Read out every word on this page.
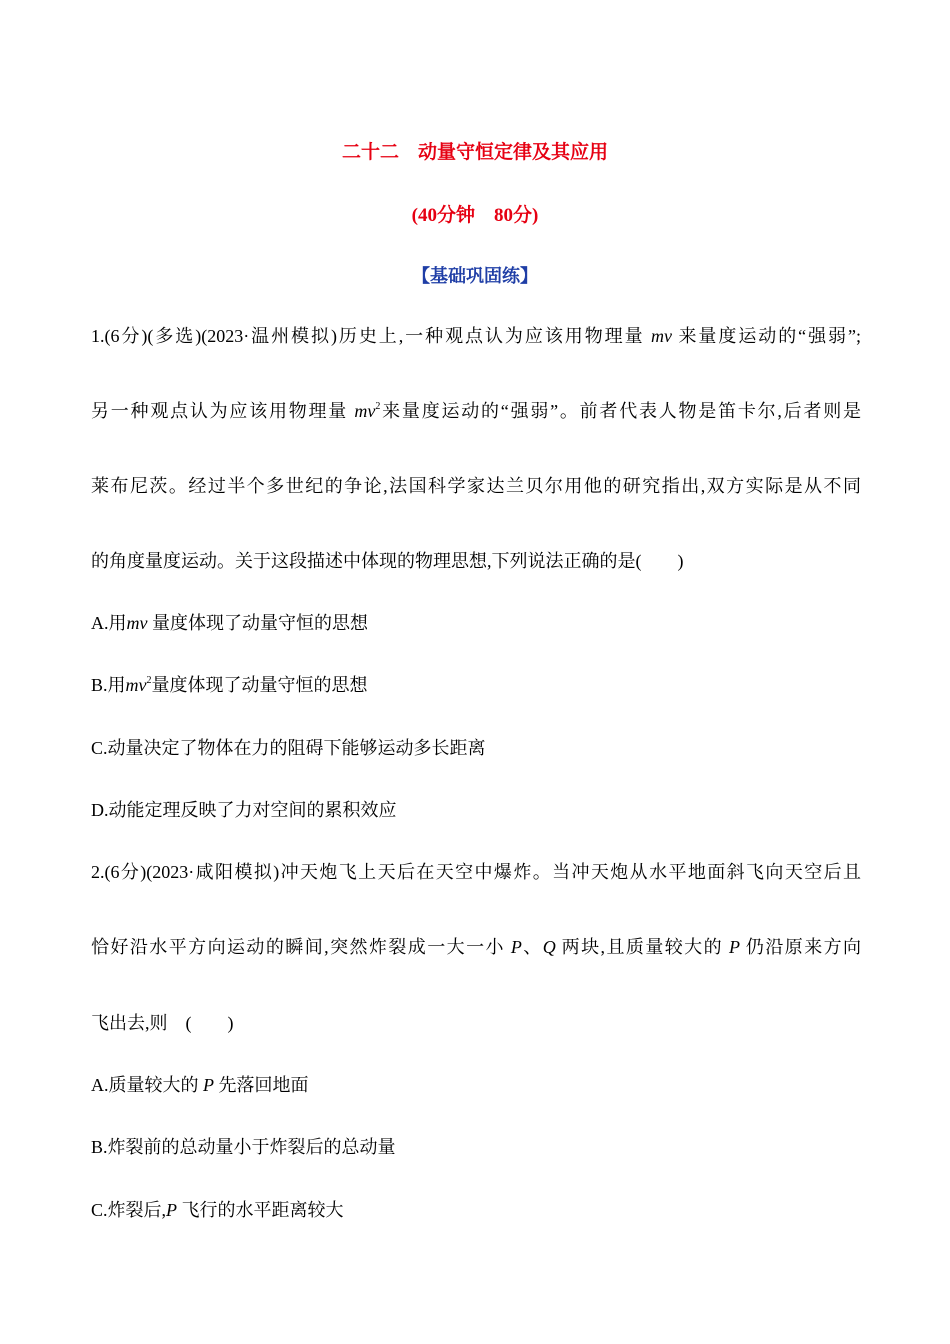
二十二　动量守恒定律及其应用
(40分钟　80分)
【基础巩固练】
1.(6分)(多选)(2023·温州模拟)历史上,一种观点认为应该用物理量 mv 来量度运动的“强弱”;
另一种观点认为应该用物理量 $mv^2$来量度运动的“强弱”。前者代表人物是笛卡尔,后者则是
莱布尼茨。经过半个多世纪的争论,法国科学家达兰贝尔用他的研究指出,双方实际是从不同
的角度量度运动。关于这段描述中体现的物理思想,下列说法正确的是(　　)
A.用mv 量度体现了动量守恒的思想
B.用$mv^2$量度体现了动量守恒的思想
C.动量决定了物体在力的阻碍下能够运动多长距离
D.动能定理反映了力对空间的累积效应
2.(6分)(2023·咸阳模拟)冲天炮飞上天后在天空中爆炸。当冲天炮从水平地面斜飞向天空后且
恰好沿水平方向运动的瞬间,突然炸裂成一大一小 P、Q 两块,且质量较大的 P 仍沿原来方向
飞出去,则　(　　)
A.质量较大的 P 先落回地面
B.炸裂前的总动量小于炸裂后的总动量
C.炸裂后,P 飞行的水平距离较大
